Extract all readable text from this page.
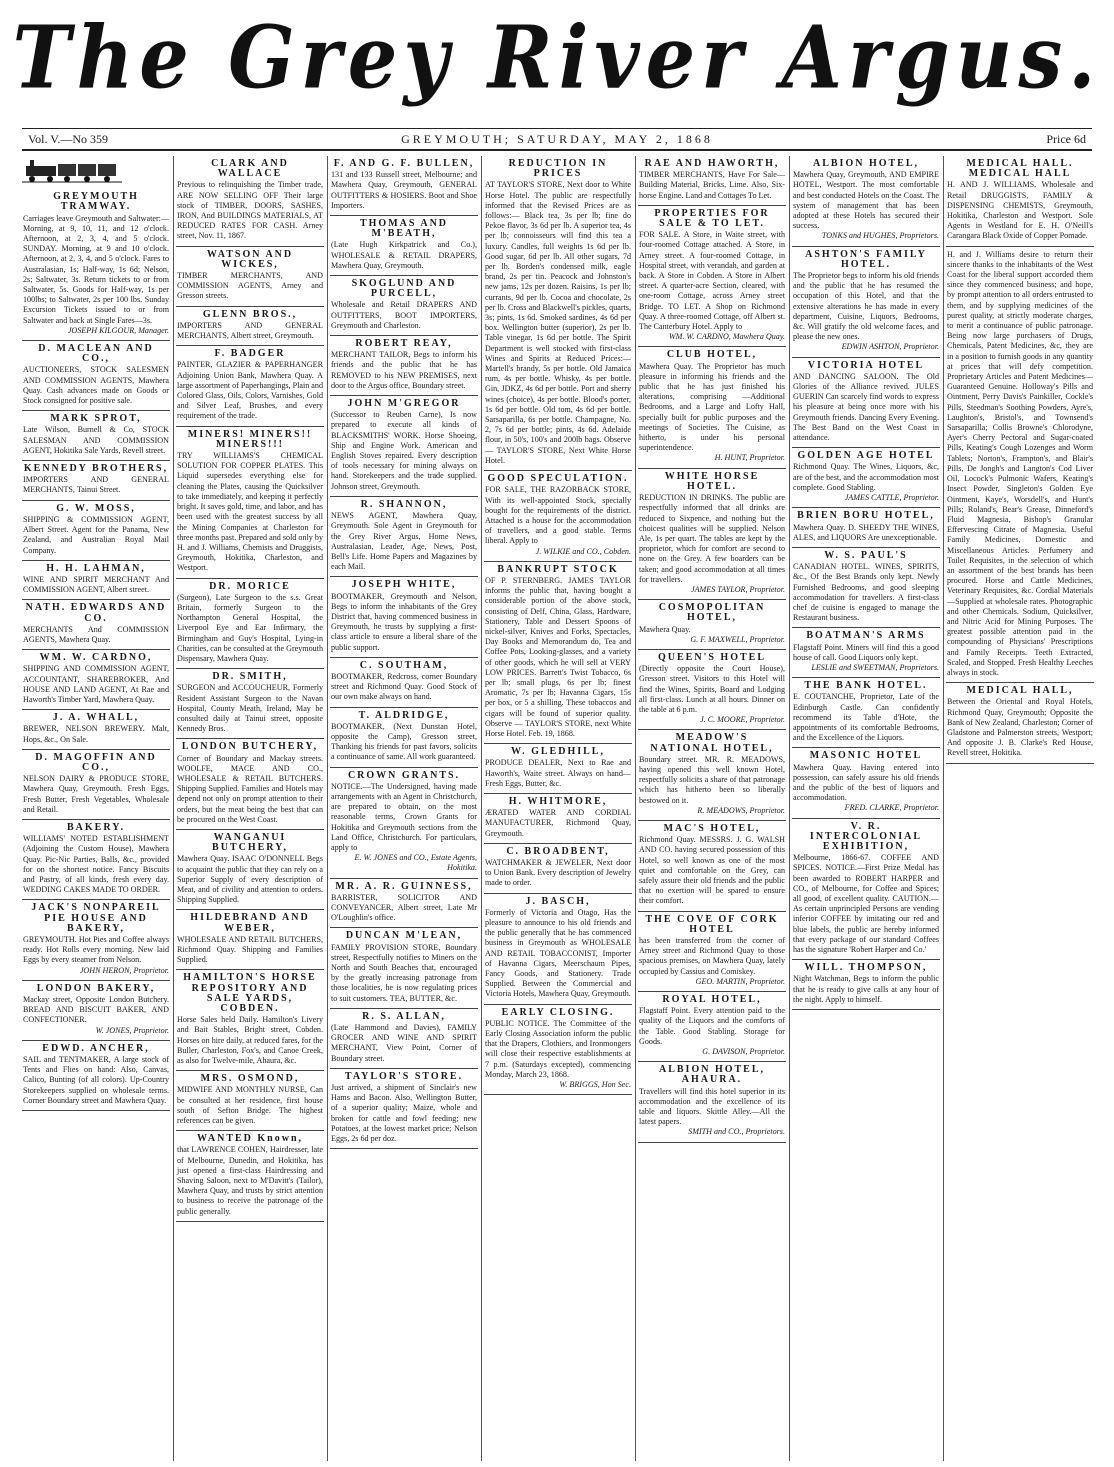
The Grey River Argus.
Vol. V.—No 359	GREYMOUTH; SATURDAY, MAY 2, 1868	Price 6d
GREYMOUTH TRAMWAY.
Carriages leave Greymouth and Saltwater:— Morning, at 9, 10, 11, and 12 o'clock. Afternoon, at 2, 3, 4, and 5 o'clock. SUNDAY. Morning, at 9 and 10 o'clock. Afternoon, at 2, 3, 4, and 5 o'clock. Fares to Australasian, 1s; Half-way, 1s 6d; Nelson, 2s; Saltwater, 3s. Return tickets to or from Saltwater, 5s. Goods for Half-way, 1s per 100lbs; to Saltwater, 2s per 100 lbs. Sunday Excursion Tickets issued to or from Saltwater and back at Single Fares—3s.
JOSEPH KILGOUR, Manager.
D. MACLEAN AND CO.,
AUCTIONEERS, STOCK SALESMEN AND COMMISSION AGENTS, Mawhera Quay. Cash advances made on Goods or Stock consigned for positive sale.
MARK SPROT,
Late Wilson, Burnell & Co, STOCK SALESMAN AND COMMISSION AGENT, Hokitika Sale Yards, Revell street.
KENNEDY BROTHERS,
IMPORTERS AND GENERAL MERCHANTS, Tainui Street.
G. W. MOSS,
SHIPPING & COMMISSION AGENT, Albert Street. Agent for the Panama, New Zealand, and Australian Royal Mail Company.
H. H. LAHMAN,
WINE AND SPIRIT MERCHANT And COMMISSION AGENT, Albert street.
NATH. EDWARDS AND CO.
MERCHANTS And COMMISSION AGENTS, Mawhera Quay.
WM. W. CARDNO,
SHIPPING AND COMMISSION AGENT, ACCOUNTANT, SHAREBROKER, And HOUSE AND LAND AGENT, At Rae and Haworth's Timber Yard, Mawhera Quay.
J. A. WHALL,
BREWER, NELSON BREWERY. Malt, Hops, &c., On Sale.
D. MAGOFFIN AND CO.,
NELSON DAIRY & PRODUCE STORE, Mawhera Quay, Greymouth. Fresh Eggs, Fresh Butter, Fresh Vegetables, Wholesale and Retail.
BAKERY.
WILLIAMS' NOTED ESTABLISHMENT (Adjoining the Custom House), Mawhera Quay. Pic-Nic Parties, Balls, &c., provided for on the shortest notice. Fancy Biscuits and Pastry, of all kinds, fresh every day. WEDDING CAKES MADE TO ORDER.
JACK'S NONPAREIL PIE HOUSE AND BAKERY,
GREYMOUTH. Hot Pies and Coffee always ready. Hot Rolls every morning. New laid Eggs by every steamer from Nelson.
JOHN HERON, Proprietor.
LONDON BAKERY,
Mackay street, Opposite London Butchery. BREAD AND BISCUIT BAKER, AND CONFECTIONER.
W. JONES, Proprietor.
EDWD. ANCHER,
SAIL and TENTMAKER, A large stock of Tents and Flies on hand: Also, Canvas, Calico, Bunting (of all colors). Up-Country Storekeepers supplied on wholesale terms. Corner Boundary street and Mawhera Quay.
CLARK AND WALLACE
Previous to relinquishing the Timber trade, ARE NOW SELLING OFF Their large stock of TIMBER, DOORS, SASHES, IRON, And BUILDINGS MATERIALS, AT REDUCED RATES FOR CASH. Arney street, Nov. 11, 1867.
WATSON AND WICKES,
TIMBER MERCHANTS, AND COMMISSION AGENTS, Arney and Gresson streets.
GLENN BROS.,
IMPORTERS AND GENERAL MERCHANTS, Albert street, Greymouth.
F. BADGER
PAINTER, GLAZIER & PAPERHANGER Adjoining Union Bank, Mawhera Quay. A large assortment of Paperhangings, Plain and Colored Glass, Oils, Colors, Varnishes, Gold and Silver Leaf, Brushes, and every requirement of the trade.
MINERS! MINERS!! MINERS!!!
TRY WILLIAMS'S CHEMICAL SOLUTION FOR COPPER PLATES. This Liquid supersedes everything else for cleaning the Plates, causing the Quicksilver to take immediately, and keeping it perfectly bright. It saves gold, time, and labor, and has been used with the greatest success by all the Mining Companies at Charleston for three months past. Prepared and sold only by H. and J. Williams, Chemists and Druggists, Greymouth, Hokitika, Charleston, and Westport.
DR. MORICE
(Surgeon), Late Surgeon to the s.s. Great Britain, formerly Surgeon to the Northampton General Hospital, the Liverpool Eye and Ear Infirmary, the Birmingham and Guy's Hospital, Lying-in Charities, can be consulted at the Greymouth Dispensary, Mawhera Quay.
DR. SMITH,
SURGEON and ACCOUCHEUR, Formerly Resident Assistant Surgeon to the Navan Hospital, County Meath, Ireland, May be consulted daily at Tainui street, opposite Kennedy Bros.
LONDON BUTCHERY,
Corner of Boundary and Mackay streets. WOOLFE, MACE AND CO., WHOLESALE & RETAIL BUTCHERS. Shipping Supplied. Families and Hotels may depend not only on prompt attention to their orders, but the meat being the best that can be procured on the West Coast.
WANGANUI BUTCHERY,
Mawhera Quay. ISAAC O'DONNELL Begs to acquaint the public that they can rely on a Superior Supply of every description of Meat, and of civility and attention to orders. Shipping Supplied.
HILDEBRAND AND WEBER,
WHOLESALE AND RETAIL BUTCHERS, Richmond Quay. Shipping and Families Supplied.
HAMILTON'S HORSE REPOSITORY AND SALE YARDS, COBDEN.
Horse Sales held Daily. Hamilton's Livery and Bait Stables, Bright street, Cobden. Horses on hire daily, at reduced fares, for the Buller, Charleston, Fox's, and Canoe Creek, as also for Twelve-mile, Ahaura, &c.
MRS. OSMOND,
MIDWIFE AND MONTHLY NURSE, Can be consulted at her residence, first house south of Sefton Bridge. The highest references can be given.
WANTED Known,
that LAWRENCE COHEN, Hairdresser, late of Melbourne, Dunedin, and Hokitika, has just opened a first-class Hairdressing and Shaving Saloon, next to M'Davitt's (Tailor), Mawhera Quay, and trusts by strict attention to business to receive the patronage of the public generally.
F. AND G. F. BULLEN,
131 and 133 Russell street, Melbourne; and Mawhera Quay, Greymouth, GENERAL OUTFITTERS & HOSIERS. Boot and Shoe Importers.
THOMAS AND M'BEATH,
(Late Hugh Kirkpatrick and Co.), WHOLESALE & RETAIL DRAPERS, Mawhera Quay, Greymouth.
SKOGLUND AND PURCELL,
Wholesale and Retail DRAPERS AND OUTFITTERS, BOOT IMPORTERS, Greymouth and Charleston.
ROBERT REAY,
MERCHANT TAILOR, Begs to inform his friends and the public that he has REMOVED to his NEW PREMISES, next door to the Argus office, Boundary street.
JOHN M'GREGOR
(Successor to Reuben Carne), Is now prepared to execute all kinds of BLACKSMITHS' WORK. Horse Shoeing, Ship and Engine Work. American and English Stoves repaired. Every description of tools necessary for mining always on hand. Storekeepers and the trade supplied. Johnson street, Greymouth.
R. SHANNON,
NEWS AGENT, Mawhera Quay, Greymouth. Sole Agent in Greymouth for the Grey River Argus, Home News, Australasian, Leader, Age, News, Post, Bell's Life. Home Papers and Magazines by each Mail.
JOSEPH WHITE,
BOOTMAKER, Greymouth and Nelson, Begs to inform the inhabitants of the Grey District that, having commenced business in Greymouth, he trusts by supplying a first-class article to ensure a liberal share of the public support.
C. SOUTHAM,
BOOTMAKER, Redcross, corner Boundary street and Richmond Quay. Good Stock of our own make always on hand.
T. ALDRIDGE,
BOOTMAKER, (Next Dunstan Hotel, opposite the Camp), Gresson street, Thanking his friends for past favors, solicits a continuance of same. All work guaranteed.
CROWN GRANTS.
NOTICE.—The Undersigned, having made arrangements with an Agent in Christchurch, are prepared to obtain, on the most reasonable terms, Crown Grants for Hokitika and Greymouth sections from the Land Office, Christchurch. For particulars, apply to
E. W. JONES and CO., Estate Agents, Hokitika.
MR. A. R. GUINNESS,
BARRISTER, SOLICITOR AND CONVEYANCER, Albert street, Late Mr O'Loughlin's office.
DUNCAN M'LEAN,
FAMILY PROVISION STORE, Boundary street, Respectfully notifies to Miners on the North and South Beaches that, encouraged by the greatly increasing patronage from those localities, he is now regulating prices to suit customers. TEA, BUTTER, &c.
R. S. ALLAN,
(Late Hammond and Davies), FAMILY GROCER AND WINE AND SPIRIT MERCHANT, View Point, Corner of Boundary street.
TAYLOR'S STORE.
Just arrived, a shipment of Sinclair's new Hams and Bacon. Also, Wellington Butter, of a superior quality; Maize, whole and broken for cattle and fowl feeding; new Potatoes, at the lowest market price; Nelson Eggs, 2s 6d per doz.
REDUCTION IN PRICES
AT TAYLOR'S STORE, Next door to White Horse Hotel. The public are respectfully informed that the Revised Prices are as follows:— Black tea, 3s per lb; fine do Pekoe flavor, 3s 6d per lb. A superior tea, 4s per lb; connoisseurs will find this tea a luxury. Candles, full weights 1s 6d per lb. Good sugar, 6d per lb. All other sugars, 7d per lb. Borden's condensed milk, eagle brand, 2s per tin. Peacock and Johnston's new jams, 12s per dozen. Raisins, 1s per lb; currants, 9d per lb. Cocoa and chocolate, 2s per lb. Cross and Blackwell's pickles, quarts, 3s; pints, 1s 6d. Smoked sardines, 4s 6d per box. Wellington butter (superior), 2s per lb. Table vinegar, 1s 6d per bottle. The Spirit Department is well stocked with first-class Wines and Spirits at Reduced Prices:— Martell's brandy, 5s per bottle. Old Jamaica rum, 4s per bottle. Whisky, 4s per bottle. Gin, JDKZ, 4s 6d per bottle. Port and sherry wines (choice), 4s per bottle. Blood's porter, 1s 6d per bottle. Old tom, 4s 6d per bottle. Sarsaparilla, 6s per bottle. Champagne, No. 2, 7s 6d per bottle; pints, 4s 6d. Adelaide flour, in 50's, 100's and 200lb bags. Observe— TAYLOR'S STORE, Next White Horse Hotel.
GOOD SPECULATION.
FOR SALE, THE RAZORBACK STORE, With its well-appointed Stock, specially bought for the requirements of the district. Attached is a house for the accommodation of travellers, and a good stable. Terms liberal. Apply to
J. WILKIE and CO., Cobden.
BANKRUPT STOCK
OF P. STERNBERG. JAMES TAYLOR informs the public that, having bought a considerable portion of the above stock, consisting of Delf, China, Glass, Hardware, Stationery, Table and Dessert Spoons of nickel-silver, Knives and Forks, Spectacles, Day Books and Memorandum do, Tea and Coffee Pots, Looking-glasses, and a variety of other goods, which he will sell at VERY LOW PRICES. Barrett's Twist Tobacco, 6s per lb; small plugs, 6s per lb; finest Aromatic, 7s per lb; Havanna Cigars, 15s per box, or 5 a shilling. These tobaccos and cigars will be found of superior quality. Observe — TAYLOR'S STORE, next White Horse Hotel. Feb. 19, 1868.
W. GLEDHILL,
PRODUCE DEALER, Next to Rae and Haworth's, Waite street. Always on hand—Fresh Eggs, Butter, &c.
H. WHITMORE,
ÆRATED WATER AND CORDIAL MANUFACTURER, Richmond Quay, Greymouth.
C. BROADBENT,
WATCHMAKER & JEWELER, Next door to Union Bank. Every description of Jewelry made to order.
J. BASCH,
Formerly of Victoria and Otago, Has the pleasure to announce to his old friends and the public generally that he has commenced business in Greymouth as WHOLESALE AND RETAIL TOBACCONIST, Importer of Havanna Cigars, Meerschaum Pipes, Fancy Goods, and Stationery. Trade Supplied. Between the Commercial and Victoria Hotels, Mawhera Quay, Greymouth.
EARLY CLOSING.
PUBLIC NOTICE. The Committee of the Early Closing Association inform the public that the Drapers, Clothiers, and Ironmongers will close their respective establishments at 7 p.m. (Saturdays excepted), commencing Monday, March 23, 1868.
W. BRIGGS, Hon Sec.
RAE AND HAWORTH,
TIMBER MERCHANTS, Have For Sale— Building Material, Bricks, Lime. Also, Six-horse Engine. Land and Cottages To Let.
PROPERTIES FOR SALE & TO LET.
FOR SALE. A Store, in Waite street, with four-roomed Cottage attached. A Store, in Arney street. A four-roomed Cottage, in Hospital street, with verandah, and garden at back. A Store in Cobden. A Store in Albert street. A quarter-acre Section, cleared, with one-room Cottage, across Arney street Bridge. TO LET. A Shop on Richmond Quay. A three-roomed Cottage, off Albert st. The Canterbury Hotel. Apply to
WM. W. CARDNO, Mawhera Quay.
CLUB HOTEL,
Mawhera Quay. The Proprietor has much pleasure in informing his friends and the public that he has just finished his alterations, comprising —Additional Bedrooms, and a Large and Lofty Hall, specially built for public purposes and the meetings of Societies. The Cuisine, as hitherto, is under his personal superintendence.
H. HUNT, Proprietor.
WHITE HORSE HOTEL.
REDUCTION IN DRINKS. The public are respectfully informed that all drinks are reduced to Sixpence, and nothing but the choicest qualities will be supplied. Nelson Ale, 1s per quart. The tables are kept by the proprietor, which for comfort are second to none on the Grey. A few boarders can be taken; and good accommodation at all times for travellers.
JAMES TAYLOR, Proprietor.
COSMOPOLITAN HOTEL,
Mawhera Quay.
G. F. MAXWELL, Proprietor.
QUEEN'S HOTEL
(Directly opposite the Court House), Gresson street. Visitors to this Hotel will find the Wines, Spirits, Board and Lodging all first-class. Lunch at all hours. Dinner on the table at 6 p.m.
J. C. MOORE, Proprietor.
MEADOW'S NATIONAL HOTEL,
Boundary street. MR. R. MEADOWS, having opened this well known Hotel, respectfully solicits a share of that patronage which has hitherto been so liberally bestowed on it.
R. MEADOWS, Proprietor.
MAC'S HOTEL,
Richmond Quay. MESSRS. J. G. WALSH AND CO. having secured possession of this Hotel, so well known as one of the most quiet and comfortable on the Grey, can safely assure their old friends and the public that no exertion will be spared to ensure their comfort.
THE COVE OF CORK HOTEL
has been transferred from the corner of Arney street and Richmond Quay to those spacious premises, on Mawhera Quay, lately occupied by Cassius and Comiskey.
GEO. MARTIN, Proprietor.
ROYAL HOTEL,
Flagstaff Point. Every attention paid to the quality of the Liquors and the comforts of the Table. Good Stabling. Storage for Goods.
G. DAVISON, Proprietor.
ALBION HOTEL, AHAURA.
Travellers will find this hotel superior in its accommodation and the excellence of its table and liquors. Skittle Alley.—All the latest papers.
SMITH and CO., Proprietors.
ALBION HOTEL,
Mawhera Quay, Greymouth, AND EMPIRE HOTEL, Westport. The most comfortable and best conducted Hotels on the Coast. The system of management that has been adopted at these Hotels has secured their success.
TONKS and HUGHES, Proprietors.
ASHTON'S FAMILY HOTEL.
The Proprietor begs to inform his old friends and the public that he has resumed the occupation of this Hotel, and that the extensive alterations he has made in every department, Cuisine, Liquors, Bedrooms, &c. Will gratify the old welcome faces, and please the new ones.
EDWIN ASHTON, Proprietor.
VICTORIA HOTEL
AND DANCING SALOON. The Old Glories of the Alliance revived. JULES GUERIN Can scarcely find words to express his pleasure at being once more with his Greymouth friends. Dancing Every Evening. The Best Band on the West Coast in attendance.
GOLDEN AGE HOTEL
Richmond Quay. The Wines, Liquors, &c, are of the best, and the accommodation most complete. Good Stabling.
JAMES CATTLE, Proprietor.
BRIEN BORU HOTEL,
Mawhera Quay. D. SHEEDY THE WINES, ALES, and LIQUORS Are unexceptionable.
W. S. PAUL'S
CANADIAN HOTEL. WINES, SPIRITS, &c., Of the Best Brands only kept. Newly Furnished Bedrooms, and good sleeping accommodation for travellers. A first-class chef de cuisine is engaged to manage the Restaurant business.
BOATMAN'S ARMS
Flagstaff Point. Miners will find this a good house of call. Good Liquors only kept.
LESLIE and SWEETMAN, Proprietors.
THE BANK HOTEL.
E. COUTANCHE, Proprietor, Late of the Edinburgh Castle. Can confidently recommend its Table d'Hote, the appointments of its comfortable Bedrooms, and the Excellence of the Liquors.
MASONIC HOTEL
Mawhera Quay. Having entered into possession, can safely assure his old friends and the public of the best of liquors and accommodation.
FRED. CLARKE, Proprietor.
V. R. INTERCOLONIAL EXHIBITION,
Melbourne, 1866-67. COFFEE AND SPICES. NOTICE.—First Prize Medal has been awarded to ROBERT HARPER and CO., of Melbourne, for Coffee and Spices; all good, of excellent quality. CAUTION.—As certain unprincipled Persons are vending inferior COFFEE by imitating our red and blue labels, the public are hereby informed that every package of our standard Coffees has the signature 'Robert Harper and Co.'
WILL. THOMPSON,
Night Watchman, Begs to inform the public that he is ready to give calls at any hour of the night. Apply to himself.
MEDICAL HALL. MEDICAL HALL
H. AND J. WILLIAMS, Wholesale and Retail DRUGGISTS, FAMILY & DISPENSING CHEMISTS, Greymouth, Hokitika, Charleston and Westport. Sole Agents in Westland for E. H. O'Neill's Carangara Black Oxide of Copper Pomade.
H. and J. Williams desire to return their sincere thanks to the inhabitants of the West Coast for the liberal support accorded them since they commenced business; and hope, by prompt attention to all orders entrusted to them, and by supplying medicines of the purest quality, at strictly moderate charges, to merit a continuance of public patronage. Being now large purchasers of Drugs, Chemicals, Patent Medicines, &c, they are in a position to furnish goods in any quantity at prices that will defy competition. Proprietary Articles and Patent Medicines—Guaranteed Genuine. Holloway's Pills and Ointment, Perry Davis's Painkiller, Cockle's Pills, Steedman's Soothing Powders, Ayre's, Laughton's, Bristol's, and Townsend's Sarsaparilla; Collis Browne's Chlorodyne, Ayer's Cherry Pectoral and Sugar-coated Pills, Keating's Cough Lozenges and Worm Tablets; Norton's, Frampton's, and Blair's Pills, De Jongh's and Langton's Cod Liver Oil, Locock's Pulmonic Wafers, Keating's Insect Powder, Singleton's Golden Eye Ointment, Kaye's, Worsdell's, and Hunt's Pills; Roland's, Bear's Grease, Dinneford's Fluid Magnesia, Bishop's Granular Effervescing Citrate of Magnesia. Useful Family Medicines, Domestic and Miscellaneous Articles. Perfumery and Toilet Requisites, in the selection of which an assortment of the best brands has been procured. Horse and Cattle Medicines, Veterinary Requisites, &c. Cordial Materials—Supplied at wholesale rates. Photographic and other Chemicals. Sodium, Quicksilver, and Nitric Acid for Mining Purposes. The greatest possible attention paid in the compounding of Physicians' Prescriptions and Family Receipts. Teeth Extracted, Scaled, and Stopped. Fresh Healthy Leeches always in stock.
MEDICAL HALL,
Between the Oriental and Royal Hotels, Richmond Quay, Greymouth; Opposite the Bank of New Zealand, Charleston; Corner of Gladstone and Palmerston streets, Westport; And opposite J. B. Clarke's Red House, Revell street, Hokitika.
